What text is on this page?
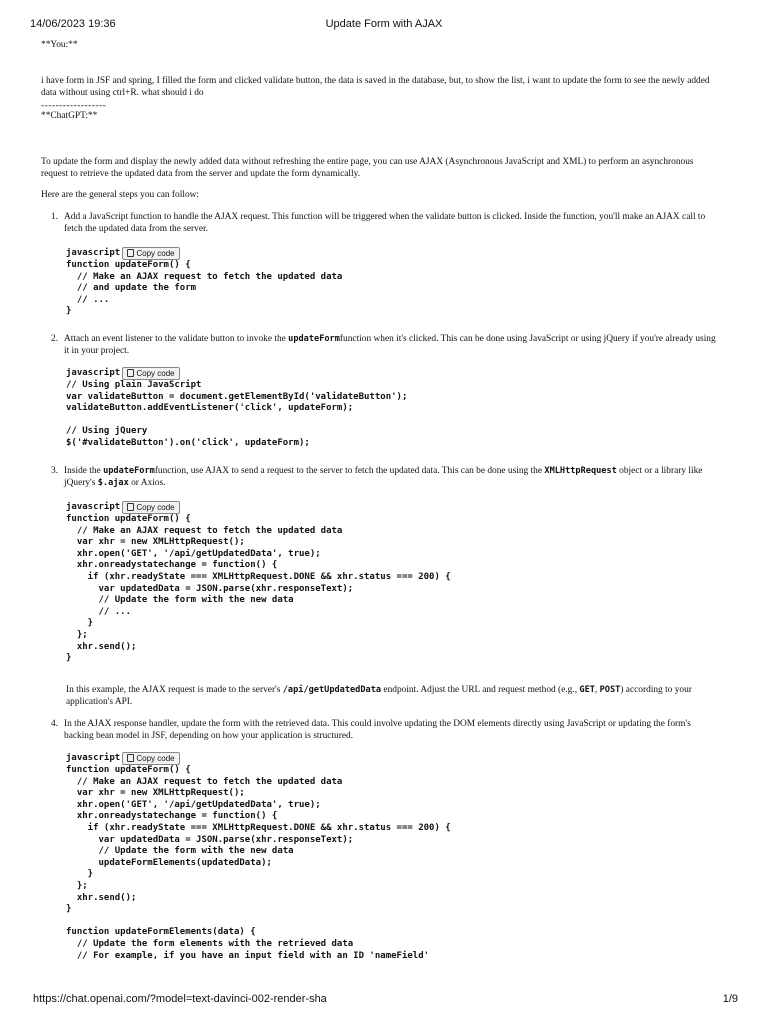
14/06/2023 19:36	Update Form with AJAX

**You:**

i have form in JSF and spring, I filled the form and clicked validate button, the data is saved in the database, but, to show the list, i want to update the form to see the newly added data without using ctrl+R. what should i do

------------------

**ChatGPT:**

To update the form and display the newly added data without refreshing the entire page, you can use AJAX (Asynchronous JavaScript and XML) to perform an asynchronous request to retrieve the updated data from the server and update the form dynamically.

Here are the general steps you can follow:

1. Add a JavaScript function to handle the AJAX request. This function will be triggered when the validate button is clicked. Inside the function, you'll make an AJAX call to fetch the updated data from the server.

javascript	Copy code
function updateForm() {
// Make an AJAX request to fetch the updated data
// and update the form
// ...
}
2. Attach an event listener to the validate button to invoke the updateFormfunction when it's clicked. This can be done using JavaScript or using jQuery if you're already using it in your project.

javascript	Copy code
// Using plain JavaScript
var validateButton = document.getElementById('validateButton');
validateButton.addEventListener('click', updateForm);

// Using jQuery
$('#validateButton').on('click', updateForm);
3. Inside the updateFormfunction, use AJAX to send a request to the server to fetch the updated data. This can be done using the XMLHttpRequest object or a library like jQuery's $.ajax or Axios.

javascript	Copy code
function updateForm() {
// Make an AJAX request to fetch the updated data
var xhr = new XMLHttpRequest();
xhr.open('GET', '/api/getUpdatedData', true);
xhr.onreadystatechange = function() {
if (xhr.readyState === XMLHttpRequest.DONE && xhr.status === 200) {
var updatedData = JSON.parse(xhr.responseText);
// Update the form with the new data
// ...
}
};
xhr.send();
}

In this example, the AJAX request is made to the server's /api/getUpdatedData endpoint. Adjust the URL and request method (e.g., GET, POST) according to your application's API.

4. In the AJAX response handler, update the form with the retrieved data. This could involve updating the DOM elements directly using JavaScript or updating the form's backing bean model in JSF, depending on how your application is structured.

javascript	Copy code
function updateForm() {
// Make an AJAX request to fetch the updated data
var xhr = new XMLHttpRequest();
xhr.open('GET', '/api/getUpdatedData', true);
xhr.onreadystatechange = function() {
if (xhr.readyState === XMLHttpRequest.DONE && xhr.status === 200) {
var updatedData = JSON.parse(xhr.responseText);
// Update the form with the new data
updateFormElements(updatedData);
}
};
xhr.send();
}

function updateFormElements(data) {
// Update the form elements with the retrieved data
// For example, if you have an input field with an ID 'nameField'
https://chat.openai.com/?model=text-davinci-002-render-sha	1/9
